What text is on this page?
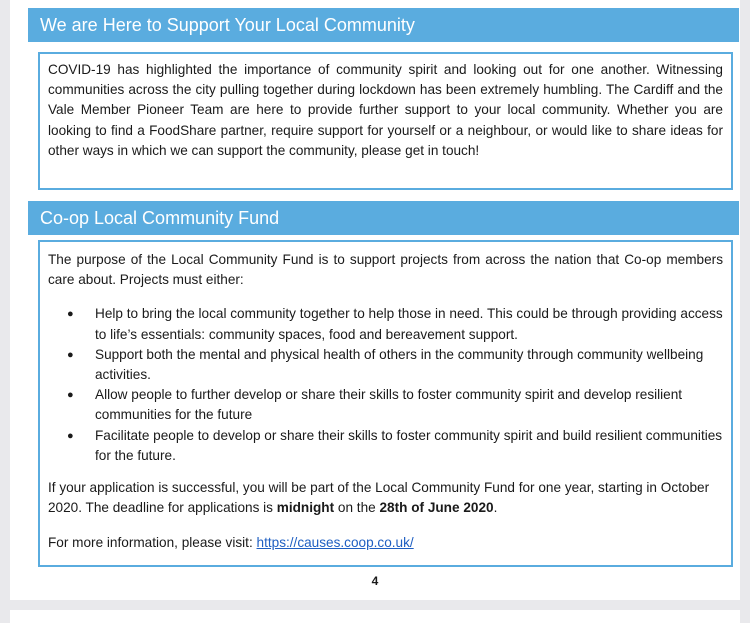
We are Here to Support Your Local Community

COVID-19 has highlighted the importance of community spirit and looking out for one another. Witnessing communities across the city pulling together during lockdown has been extremely humbling. The Cardiff and the Vale Member Pioneer Team are here to provide further support to your local community. Whether you are looking to find a FoodShare partner, require support for yourself or a neighbour, or would like to share ideas for other ways in which we can support the community, please get in touch!

Co-op Local Community Fund

The purpose of the Local Community Fund is to support projects from across the nation that Co-op members care about. Projects must either:

● Help to bring the local community together to help those in need. This could be through providing access to life’s essentials: community spaces, food and bereavement support.
● Support both the mental and physical health of others in the community through community wellbeing activities.
● Allow people to further develop or share their skills to foster community spirit and develop resilient communities for the future
● Facilitate people to develop or share their skills to foster community spirit and build resilient communities for the future.

If your application is successful, you will be part of the Local Community Fund for one year, starting in October 2020. The deadline for applications is midnight on the 28th of June 2020.

For more information, please visit: https://causes.coop.co.uk/

4
